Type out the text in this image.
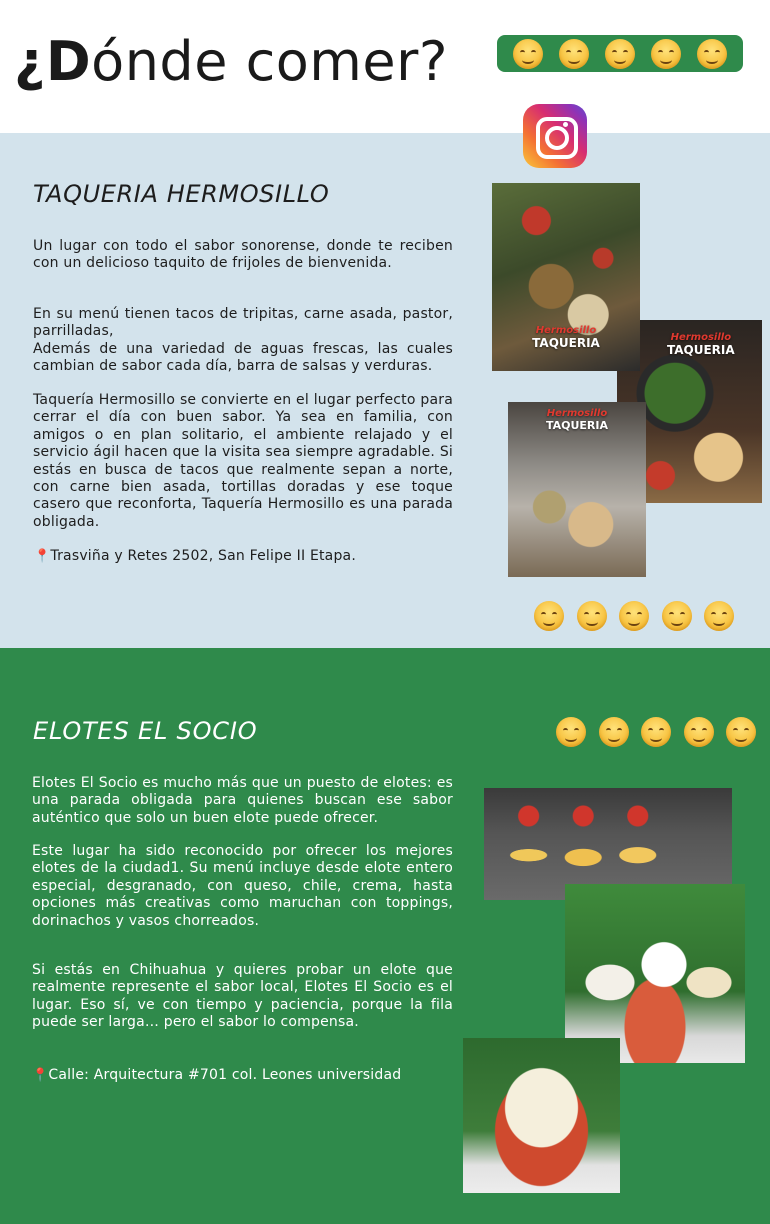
¿Dónde comer?
TAQUERIA HERMOSILLO
Un lugar con todo el sabor sonorense, donde te reciben con un delicioso taquito de frijoles de bienvenida.
En su menú tienen tacos de tripitas, carne asada, pastor, parrilladas,
Además de una variedad de aguas frescas, las cuales cambian de sabor cada día, barra de salsas y verduras.
Taquería Hermosillo se convierte en el lugar perfecto para cerrar el día con buen sabor. Ya sea en familia, con amigos o en plan solitario, el ambiente relajado y el servicio ágil hacen que la visita sea siempre agradable. Si estás en busca de tacos que realmente sepan a norte, con carne bien asada, tortillas doradas y ese toque casero que reconforta, Taquería Hermosillo es una parada obligada.
📍Trasviña y Retes 2502, San Felipe II Etapa.
Hermosillo
TAQUERIA	Hermosillo
TAQUERIA
Hermosillo
TAQUERIA
ELOTES EL SOCIO
Elotes El Socio es mucho más que un puesto de elotes: es una parada obligada para quienes buscan ese sabor auténtico que solo un buen elote puede ofrecer.
Este lugar ha sido reconocido por ofrecer los mejores elotes de la ciudad1. Su menú incluye desde elote entero especial, desgranado, con queso, chile, crema, hasta opciones más creativas como maruchan con toppings, dorinachos y vasos chorreados.
Si estás en Chihuahua y quieres probar un elote que realmente represente el sabor local, Elotes El Socio es el lugar. Eso sí, ve con tiempo y paciencia, porque la fila puede ser larga… pero el sabor lo compensa.
📍Calle: Arquitectura #701 col. Leones universidad
